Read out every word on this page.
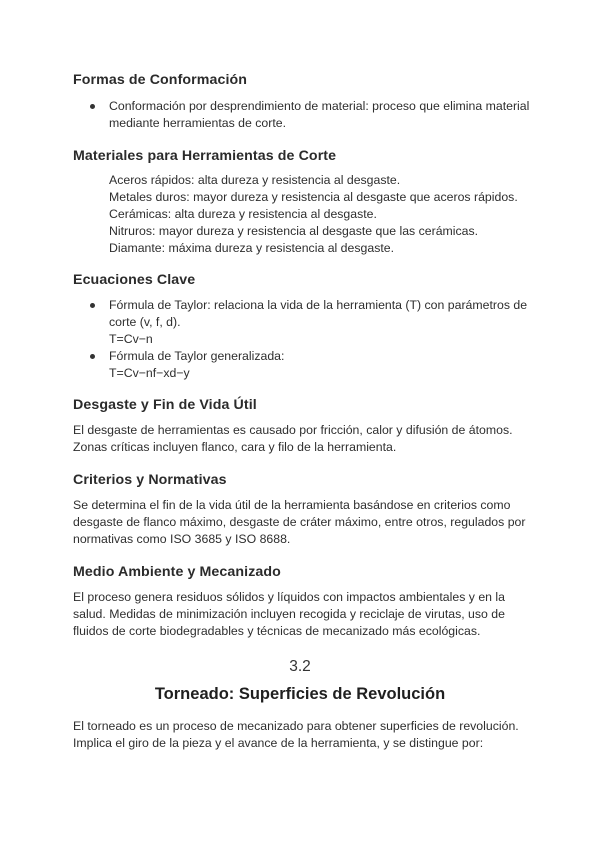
Formas de Conformación
Conformación por desprendimiento de material: proceso que elimina material mediante herramientas de corte.
Materiales para Herramientas de Corte
Aceros rápidos: alta dureza y resistencia al desgaste.
Metales duros: mayor dureza y resistencia al desgaste que aceros rápidos.
Cerámicas: alta dureza y resistencia al desgaste.
Nitruros: mayor dureza y resistencia al desgaste que las cerámicas.
Diamante: máxima dureza y resistencia al desgaste.
Ecuaciones Clave
Fórmula de Taylor: relaciona la vida de la herramienta (T) con parámetros de corte (v, f, d).
T=Cv−n
Fórmula de Taylor generalizada:
T=Cv−nf−xd−y
Desgaste y Fin de Vida Útil

El desgaste de herramientas es causado por fricción, calor y difusión de átomos. Zonas críticas incluyen flanco, cara y filo de la herramienta.

Criterios y Normativas

Se determina el fin de la vida útil de la herramienta basándose en criterios como desgaste de flanco máximo, desgaste de cráter máximo, entre otros, regulados por normativas como ISO 3685 y ISO 8688.

Medio Ambiente y Mecanizado

El proceso genera residuos sólidos y líquidos con impactos ambientales y en la salud. Medidas de minimización incluyen recogida y reciclaje de virutas, uso de fluidos de corte biodegradables y técnicas de mecanizado más ecológicas.

3.2
Torneado: Superficies de Revolución

El torneado es un proceso de mecanizado para obtener superficies de revolución. Implica el giro de la pieza y el avance de la herramienta, y se distingue por:
